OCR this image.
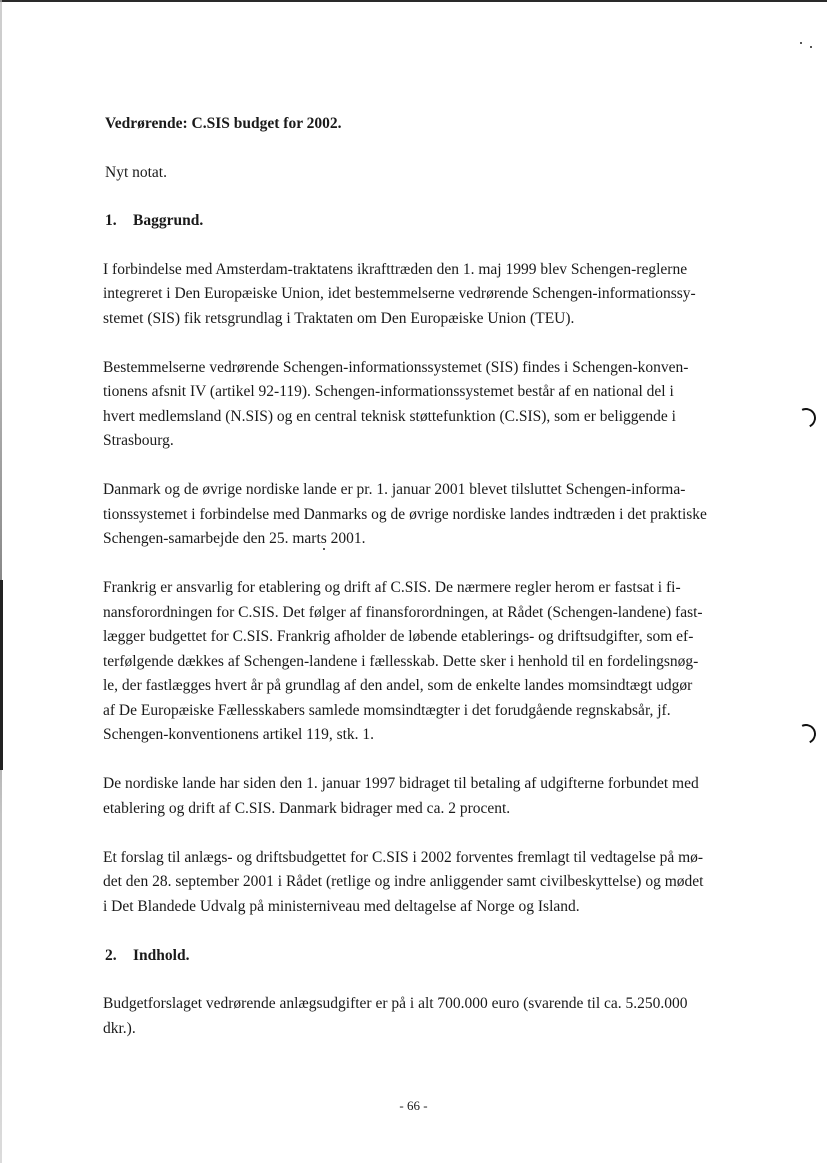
Vedrørende: C.SIS budget for 2002.

Nyt notat.

1.	Baggrund.

I forbindelse med Amsterdam-traktatens ikrafttræden den 1. maj 1999 blev Schengen-reglerne
integreret i Den Europæiske Union, idet bestemmelserne vedrørende Schengen-informationssy-
stemet (SIS) fik retsgrundlag i Traktaten om Den Europæiske Union (TEU).

Bestemmelserne vedrørende Schengen-informationssystemet (SIS) findes i Schengen-konven-
tionens afsnit IV (artikel 92-119). Schengen-informationssystemet består af en national del i
hvert medlemsland (N.SIS) og en central teknisk støttefunktion (C.SIS), som er beliggende i
Strasbourg.

Danmark og de øvrige nordiske lande er pr. 1. januar 2001 blevet tilsluttet Schengen-informa-
tionssystemet i forbindelse med Danmarks og de øvrige nordiske landes indtræden i det praktiske
Schengen-samarbejde den 25. marts 2001.

Frankrig er ansvarlig for etablering og drift af C.SIS. De nærmere regler herom er fastsat i fi-
nansforordningen for C.SIS. Det følger af finansforordningen, at Rådet (Schengen-landene) fast-
lægger budgettet for C.SIS. Frankrig afholder de løbende etablerings- og driftsudgifter, som ef-
terfølgende dækkes af Schengen-landene i fællesskab. Dette sker i henhold til en fordelingsnøg-
le, der fastlægges hvert år på grundlag af den andel, som de enkelte landes momsindtægt udgør
af De Europæiske Fællesskabers samlede momsindtægter i det forudgående regnskabsår, jf.
Schengen-konventionens artikel 119, stk. 1.

De nordiske lande har siden den 1. januar 1997 bidraget til betaling af udgifterne forbundet med
etablering og drift af C.SIS. Danmark bidrager med ca. 2 procent.

Et forslag til anlægs- og driftsbudgettet for C.SIS i 2002 forventes fremlagt til vedtagelse på mø-
det den 28. september 2001 i Rådet (retlige og indre anliggender samt civilbeskyttelse) og mødet
i Det Blandede Udvalg på ministerniveau med deltagelse af Norge og Island.

2.	Indhold.

Budgetforslaget vedrørende anlægsudgifter er på i alt 700.000 euro (svarende til ca. 5.250.000
dkr.).

- 66 -
